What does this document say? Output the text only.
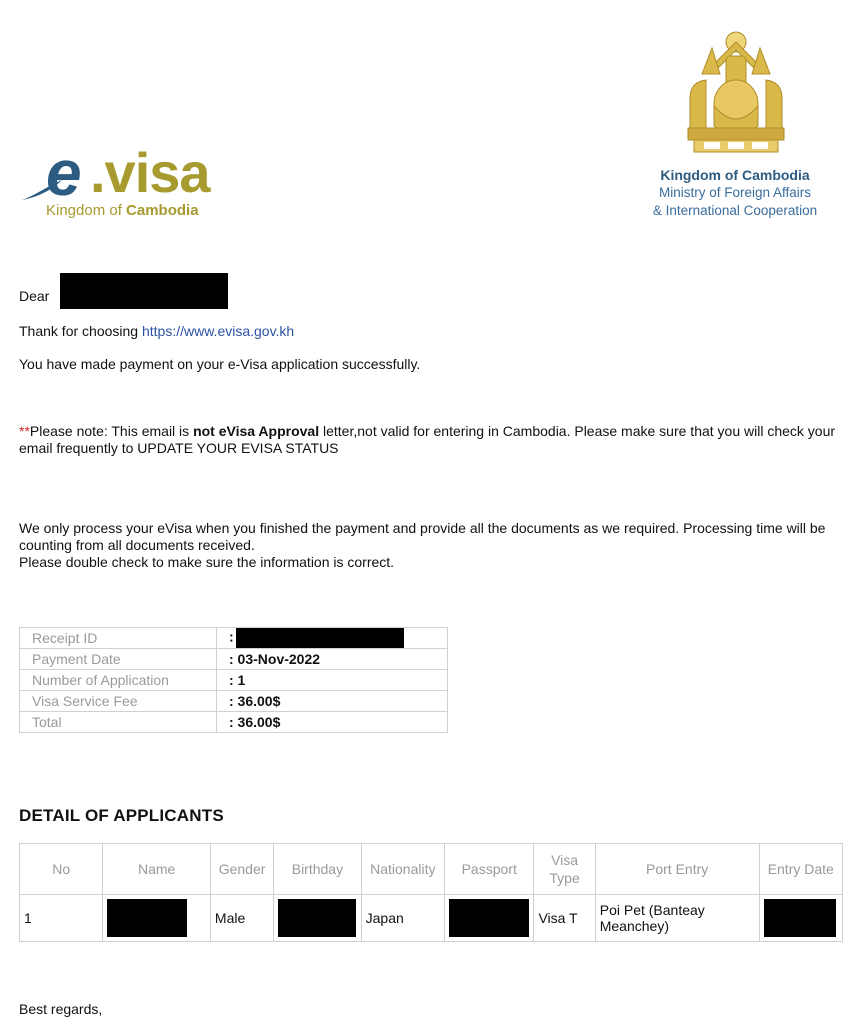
e .visa
Kingdom of Cambodia
Kingdom of Cambodia
Ministry of Foreign Affairs
& International Cooperation
Dear
Thank for choosing https://www.evisa.gov.kh
You have made payment on your e-Visa application successfully.
**Please note: This email is not eVisa Approval letter,not valid for entering in Cambodia. Please make sure that you will check your email frequently to UPDATE YOUR EVISA STATUS
We only process your eVisa when you finished the payment and provide all the documents as we required. Processing time will be counting from all documents received.
Please double check to make sure the information is correct.
Receipt ID	:
Payment Date	: 03-Nov-2022
Number of Application	: 1
Visa Service Fee	: 36.00$
Total	: 36.00$
DETAIL OF APPLICANTS
No	Name	Gender	Birthday	Nationality	Passport	Visa Type	Port Entry	Entry Date
1		Male		Japan		Visa T	Poi Pet (Banteay Meanchey)	
Best regards,
